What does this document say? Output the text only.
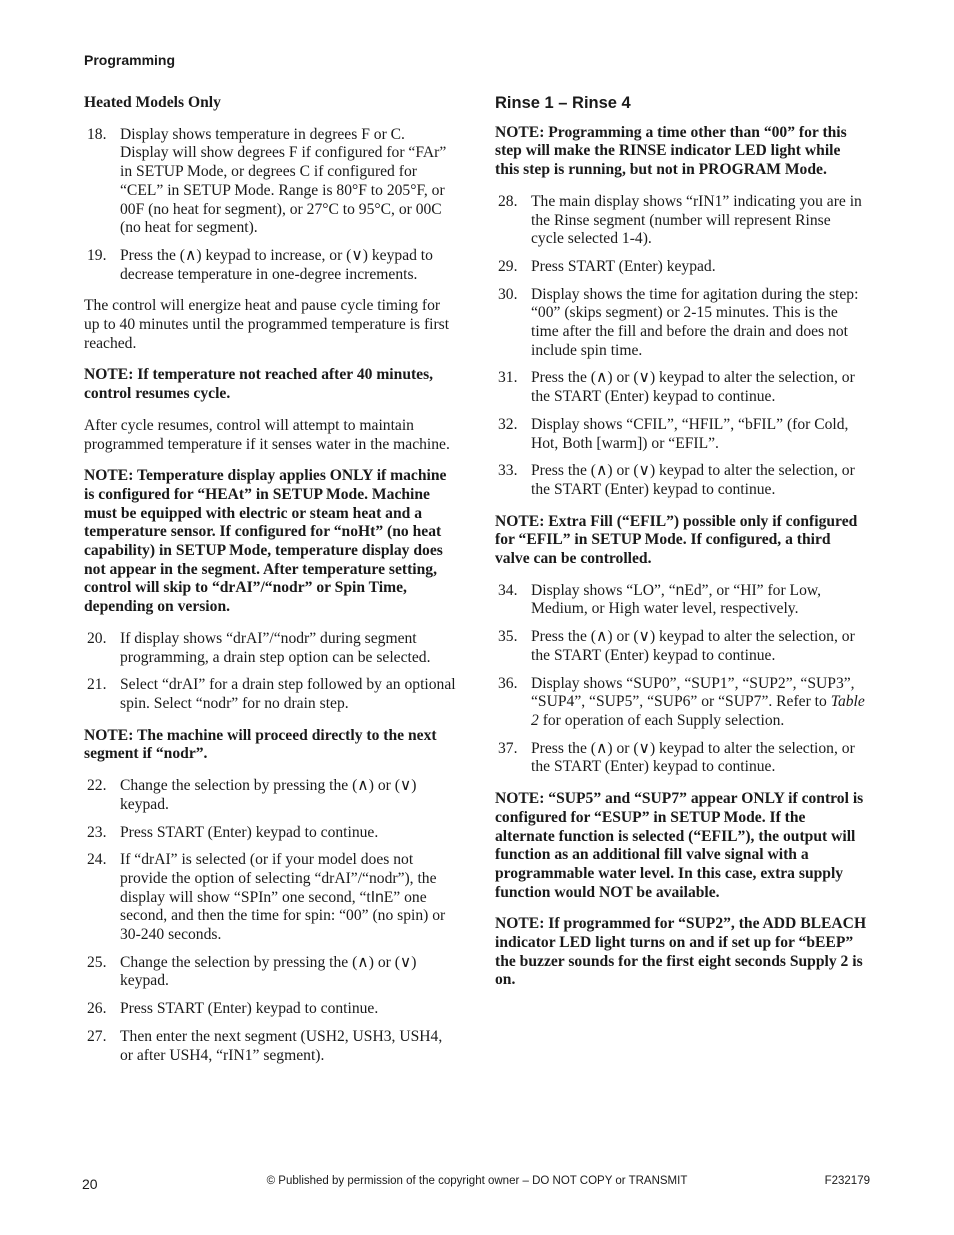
Programming

Heated Models Only

18. Display shows temperature in degrees F or C. Display will show degrees F if configured for “FAr” in SETUP Mode, or degrees C if configured for “CEL” in SETUP Mode. Range is 80°F to 205°F, or 00F (no heat for segment), or 27°C to 95°C, or 00C (no heat for segment).
19. Press the (∧) keypad to increase, or (∨) keypad to decrease temperature in one-degree increments.

The control will energize heat and pause cycle timing for up to 40 minutes until the programmed temperature is first reached.

NOTE: If temperature not reached after 40 minutes, control resumes cycle.

After cycle resumes, control will attempt to maintain programmed temperature if it senses water in the machine.

NOTE: Temperature display applies ONLY if machine is configured for “HEAt” in SETUP Mode. Machine must be equipped with electric or steam heat and a temperature sensor. If configured for “noHt” (no heat capability) in SETUP Mode, temperature display does not appear in the segment. After temperature setting, control will skip to “drAI”/“nodr” or Spin Time, depending on version.

20. If display shows “drAI”/“nodr” during segment programming, a drain step option can be selected.
21. Select “drAI” for a drain step followed by an optional spin. Select “nodr” for no drain step.

NOTE: The machine will proceed directly to the next segment if “nodr”.

22. Change the selection by pressing the (∧) or (∨) keypad.
23. Press START (Enter) keypad to continue.
24. If “drAI” is selected (or if your model does not provide the option of selecting “drAI”/“nodr”), the display will show “SPIn” one second, “tInE” one second, and then the time for spin: “00” (no spin) or 30-240 seconds.
25. Change the selection by pressing the (∧) or (∨) keypad.
26. Press START (Enter) keypad to continue.
27. Then enter the next segment (USH2, USH3, USH4, or after USH4, “rIN1” segment).
Rinse 1 – Rinse 4

NOTE: Programming a time other than “00” for this step will make the RINSE indicator LED light while this step is running, but not in PROGRAM Mode.

28. The main display shows “rIN1” indicating you are in the Rinse segment (number will represent Rinse cycle selected 1-4).
29. Press START (Enter) keypad.
30. Display shows the time for agitation during the step: “00” (skips segment) or 2-15 minutes. This is the time after the fill and before the drain and does not include spin time.
31. Press the (∧) or (∨) keypad to alter the selection, or the START (Enter) keypad to continue.
32. Display shows “CFIL”, “HFIL”, “bFIL” (for Cold, Hot, Both [warm]) or “EFIL”.
33. Press the (∧) or (∨) keypad to alter the selection, or the START (Enter) keypad to continue.

NOTE: Extra Fill (“EFIL”) possible only if configured for “EFIL” in SETUP Mode. If configured, a third valve can be controlled.

34. Display shows “LO”, “nEd”, or “HI” for Low, Medium, or High water level, respectively.
35. Press the (∧) or (∨) keypad to alter the selection, or the START (Enter) keypad to continue.
36. Display shows “SUP0”, “SUP1”, “SUP2”, “SUP3”, “SUP4”, “SUP5”, “SUP6” or “SUP7”. Refer to Table 2 for operation of each Supply selection.
37. Press the (∧) or (∨) keypad to alter the selection, or the START (Enter) keypad to continue.

NOTE: “SUP5” and “SUP7” appear ONLY if control is configured for “ESUP” in SETUP Mode. If the alternate function is selected (“EFIL”), the output will function as an additional fill valve signal with a programmable water level. In this case, extra supply function would NOT be available.

NOTE: If programmed for “SUP2”, the ADD BLEACH indicator LED light turns on and if set up for “bEEP” the buzzer sounds for the first eight seconds Supply 2 is on.

20	© Published by permission of the copyright owner – DO NOT COPY or TRANSMIT	F232179
